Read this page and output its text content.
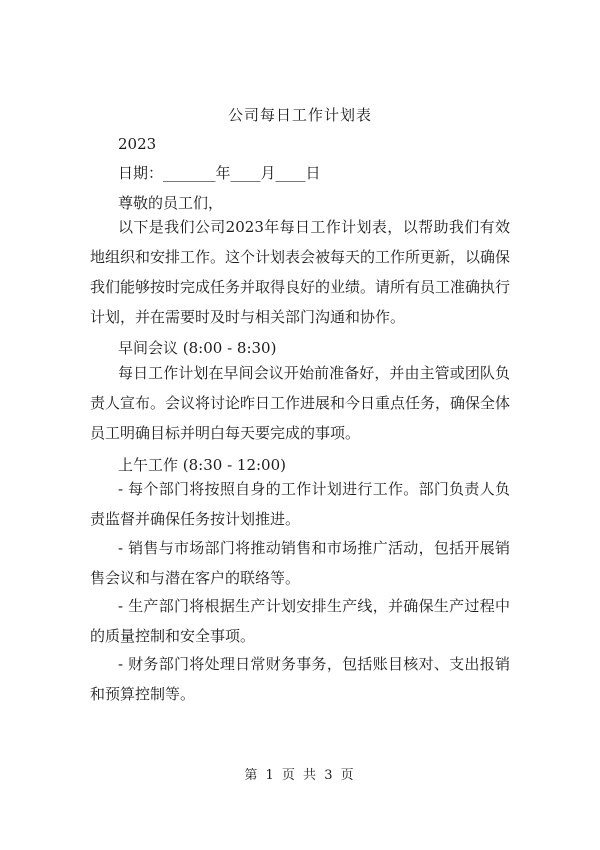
公司每日工作计划表
2023
日期：_______年____月____日
尊敬的员工们，
以下是我们公司2023年每日工作计划表，以帮助我们有效地组织和安排工作。这个计划表会被每天的工作所更新，以确保我们能够按时完成任务并取得良好的业绩。请所有员工准确执行计划，并在需要时及时与相关部门沟通和协作。
早间会议 (8:00 - 8:30)
每日工作计划在早间会议开始前准备好，并由主管或团队负责人宣布。会议将讨论昨日工作进展和今日重点任务，确保全体员工明确目标并明白每天要完成的事项。
上午工作 (8:30 - 12:00)
- 每个部门将按照自身的工作计划进行工作。部门负责人负责监督并确保任务按计划推进。
- 销售与市场部门将推动销售和市场推广活动，包括开展销售会议和与潜在客户的联络等。
- 生产部门将根据生产计划安排生产线，并确保生产过程中的质量控制和安全事项。
- 财务部门将处理日常财务事务，包括账目核对、支出报销和预算控制等。
第 1 页 共 3 页
